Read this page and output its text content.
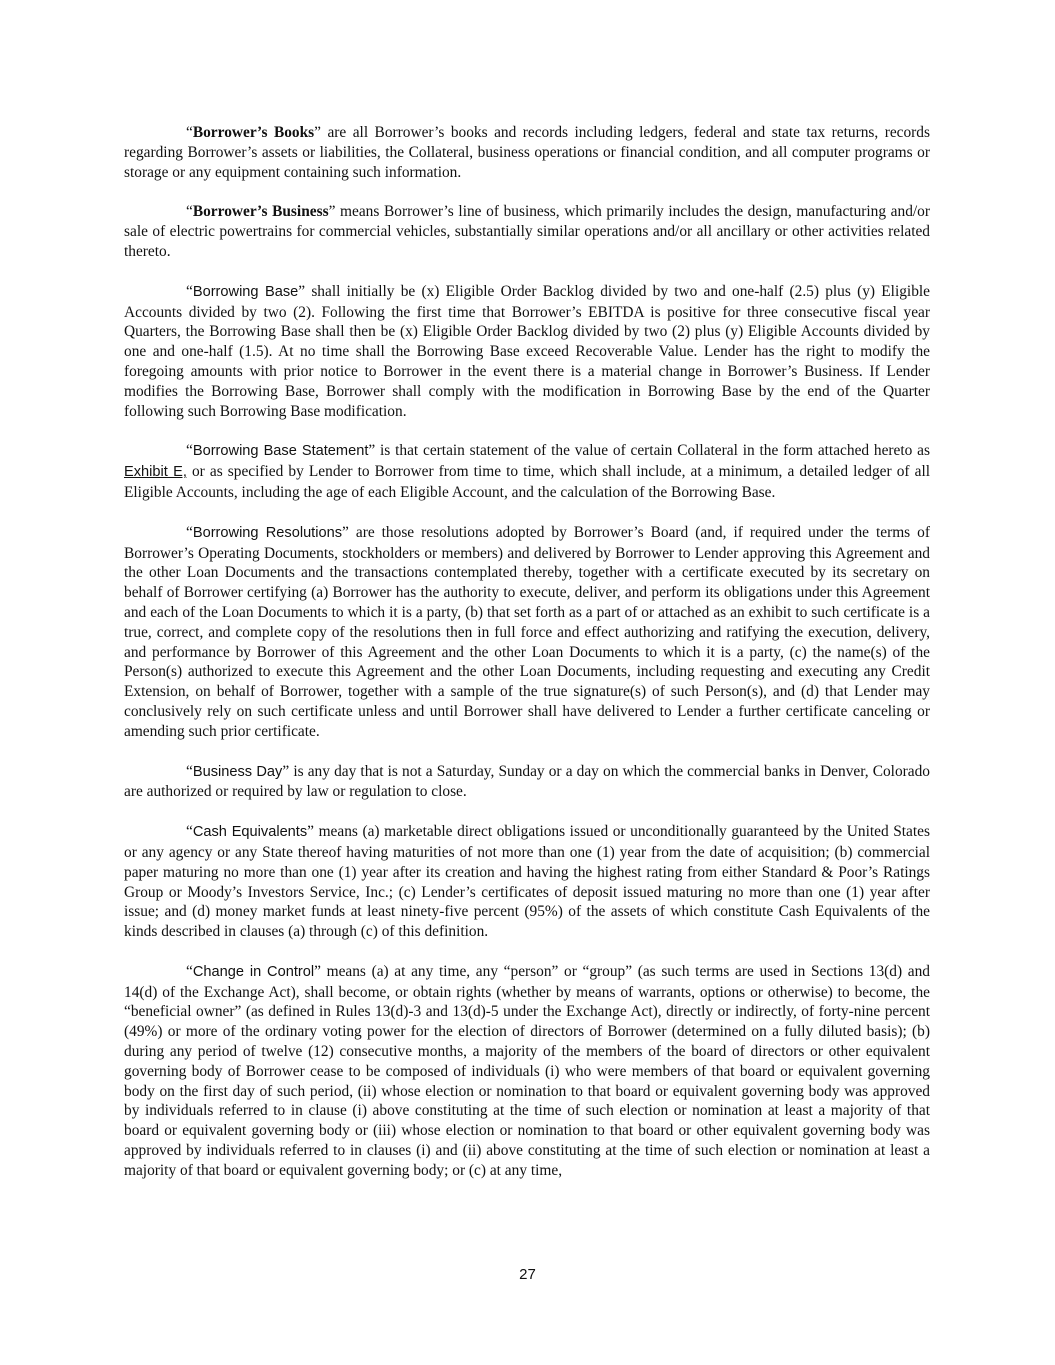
“Borrower’s Books” are all Borrower’s books and records including ledgers, federal and state tax returns, records regarding Borrower’s assets or liabilities, the Collateral, business operations or financial condition, and all computer programs or storage or any equipment containing such information.

“Borrower’s Business” means Borrower’s line of business, which primarily includes the design, manufacturing and/or sale of electric powertrains for commercial vehicles, substantially similar operations and/or all ancillary or other activities related thereto.

“Borrowing Base” shall initially be (x) Eligible Order Backlog divided by two and one-half (2.5) plus (y) Eligible Accounts divided by two (2). Following the first time that Borrower’s EBITDA is positive for three consecutive fiscal year Quarters, the Borrowing Base shall then be (x) Eligible Order Backlog divided by two (2) plus (y) Eligible Accounts divided by one and one-half (1.5). At no time shall the Borrowing Base exceed Recoverable Value. Lender has the right to modify the foregoing amounts with prior notice to Borrower in the event there is a material change in Borrower’s Business. If Lender modifies the Borrowing Base, Borrower shall comply with the modification in Borrowing Base by the end of the Quarter following such Borrowing Base modification.

“Borrowing Base Statement” is that certain statement of the value of certain Collateral in the form attached hereto as Exhibit E, or as specified by Lender to Borrower from time to time, which shall include, at a minimum, a detailed ledger of all Eligible Accounts, including the age of each Eligible Account, and the calculation of the Borrowing Base.

“Borrowing Resolutions” are those resolutions adopted by Borrower’s Board (and, if required under the terms of Borrower’s Operating Documents, stockholders or members) and delivered by Borrower to Lender approving this Agreement and the other Loan Documents and the transactions contemplated thereby, together with a certificate executed by its secretary on behalf of Borrower certifying (a) Borrower has the authority to execute, deliver, and perform its obligations under this Agreement and each of the Loan Documents to which it is a party, (b) that set forth as a part of or attached as an exhibit to such certificate is a true, correct, and complete copy of the resolutions then in full force and effect authorizing and ratifying the execution, delivery, and performance by Borrower of this Agreement and the other Loan Documents to which it is a party, (c) the name(s) of the Person(s) authorized to execute this Agreement and the other Loan Documents, including requesting and executing any Credit Extension, on behalf of Borrower, together with a sample of the true signature(s) of such Person(s), and (d) that Lender may conclusively rely on such certificate unless and until Borrower shall have delivered to Lender a further certificate canceling or amending such prior certificate.

“Business Day” is any day that is not a Saturday, Sunday or a day on which the commercial banks in Denver, Colorado are authorized or required by law or regulation to close.

“Cash Equivalents” means (a) marketable direct obligations issued or unconditionally guaranteed by the United States or any agency or any State thereof having maturities of not more than one (1) year from the date of acquisition; (b) commercial paper maturing no more than one (1) year after its creation and having the highest rating from either Standard & Poor’s Ratings Group or Moody’s Investors Service, Inc.; (c) Lender’s certificates of deposit issued maturing no more than one (1) year after issue; and (d) money market funds at least ninety-five percent (95%) of the assets of which constitute Cash Equivalents of the kinds described in clauses (a) through (c) of this definition.

“Change in Control” means (a) at any time, any “person” or “group” (as such terms are used in Sections 13(d) and 14(d) of the Exchange Act), shall become, or obtain rights (whether by means of warrants, options or otherwise) to become, the “beneficial owner” (as defined in Rules 13(d)-3 and 13(d)-5 under the Exchange Act), directly or indirectly, of forty-nine percent (49%) or more of the ordinary voting power for the election of directors of Borrower (determined on a fully diluted basis); (b) during any period of twelve (12) consecutive months, a majority of the members of the board of directors or other equivalent governing body of Borrower cease to be composed of individuals (i) who were members of that board or equivalent governing body on the first day of such period, (ii) whose election or nomination to that board or equivalent governing body was approved by individuals referred to in clause (i) above constituting at the time of such election or nomination at least a majority of that board or equivalent governing body or (iii) whose election or nomination to that board or other equivalent governing body was approved by individuals referred to in clauses (i) and (ii) above constituting at the time of such election or nomination at least a majority of that board or equivalent governing body; or (c) at any time,

27
